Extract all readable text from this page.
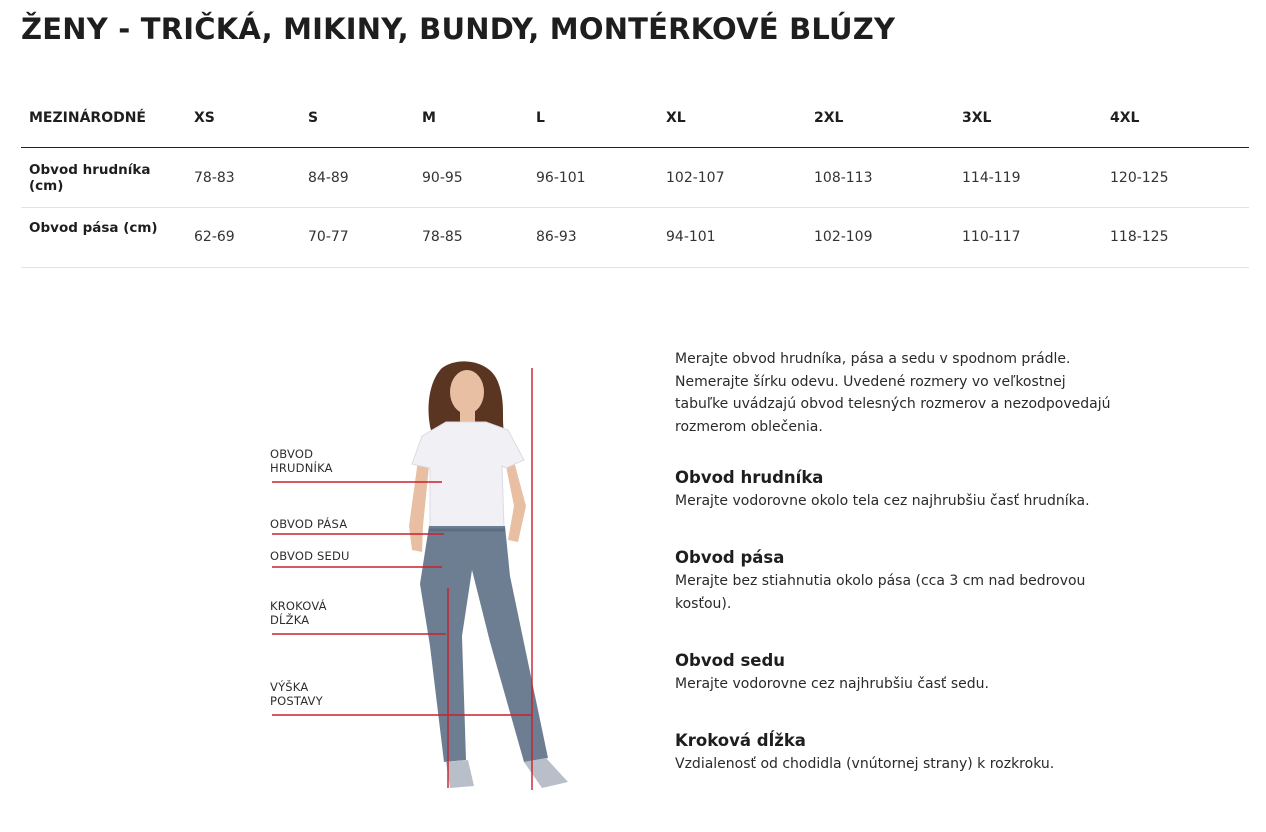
ŽENY - TRIČKÁ, MIKINY, BUNDY, MONTÉRKOVÉ BLÚZY
MEZINÁRODNÉ	XS	S	M	L	XL	2XL	3XL	4XL
Obvod hrudníka (cm)	78-83	84-89	90-95	96-101	102-107	108-113	114-119	120-125
Obvod pása (cm)	62-69	70-77	78-85	86-93	94-101	102-109	110-117	118-125
OBVOD
HRUDNÍKA
OBVOD PÁSA
OBVOD SEDU
KROKOVÁ
DĹŽKA
VÝŠKA
POSTAVY

Merajte obvod hrudníka, pása a sedu v spodnom prádle. Nemerajte šírku odevu. Uvedené rozmery vo veľkostnej tabuľke uvádzajú obvod telesných rozmerov a nezodpovedajú rozmerom oblečenia.

Obvod hrudníka

Merajte vodorovne okolo tela cez najhrubšiu časť hrudníka.

Obvod pása

Merajte bez stiahnutia okolo pása (cca 3 cm nad bedrovou kosťou).

Obvod sedu

Merajte vodorovne cez najhrubšiu časť sedu.

Kroková dĺžka

Vzdialenosť od chodidla (vnútornej strany) k rozkroku.
